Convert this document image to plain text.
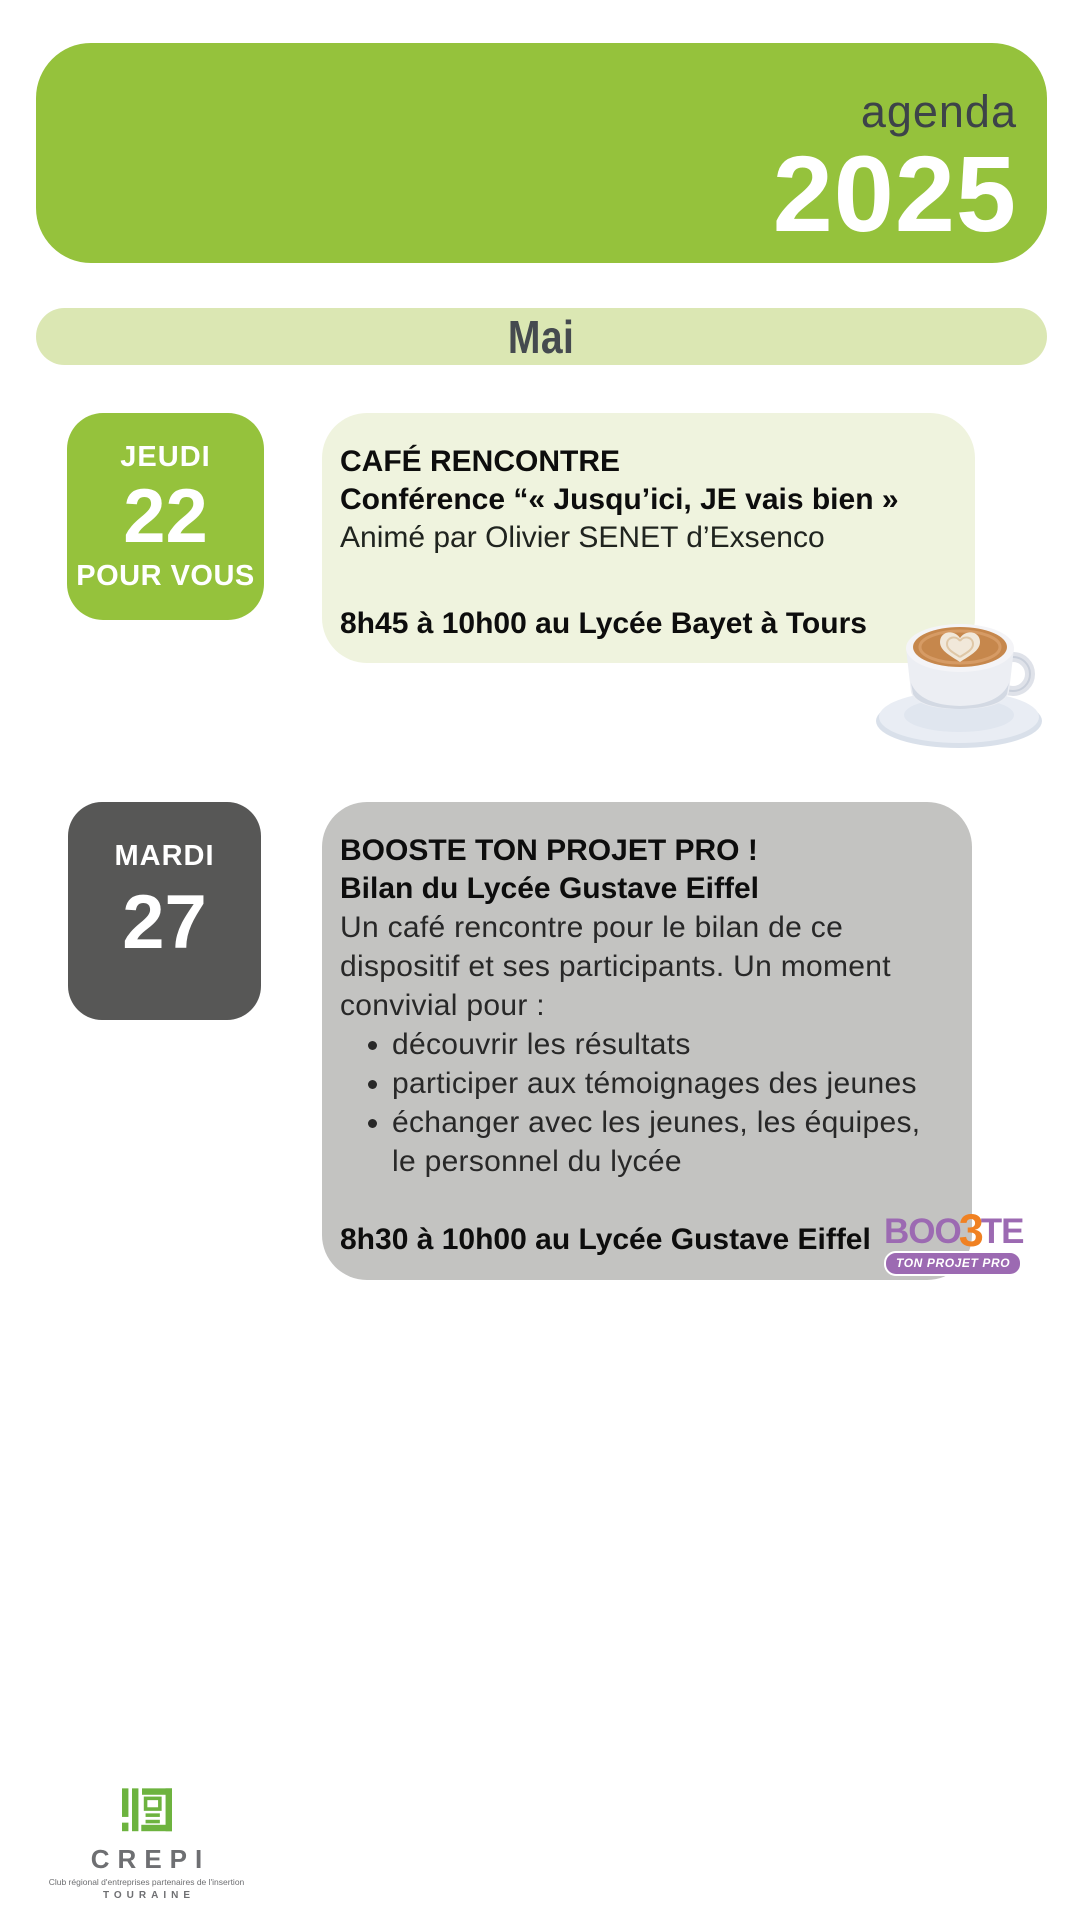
agenda
2025
Mai
JEUDI
22
POUR VOUS

CAFÉ RENCONTRE

Conférence “« Jusqu’ici, JE vais bien »

Animé par Olivier SENET d’Exsenco

8h45 à 10h00 au Lycée Bayet à Tours

MARDI
27

BOOSTE TON PROJET PRO !

Bilan du Lycée Gustave Eiffel

Un café rencontre pour le bilan de ce dispositif et ses participants. Un moment convivial pour :

• découvrir les résultats
• participer aux témoignages des jeunes
• échanger avec les jeunes, les équipes, le personnel du lycée

8h30 à 10h00 au Lycée Gustave Eiffel BOO3TE
TON PROJET PRO
CREPI
Club régional d'entreprises partenaires de l'insertion
TOURAINE
